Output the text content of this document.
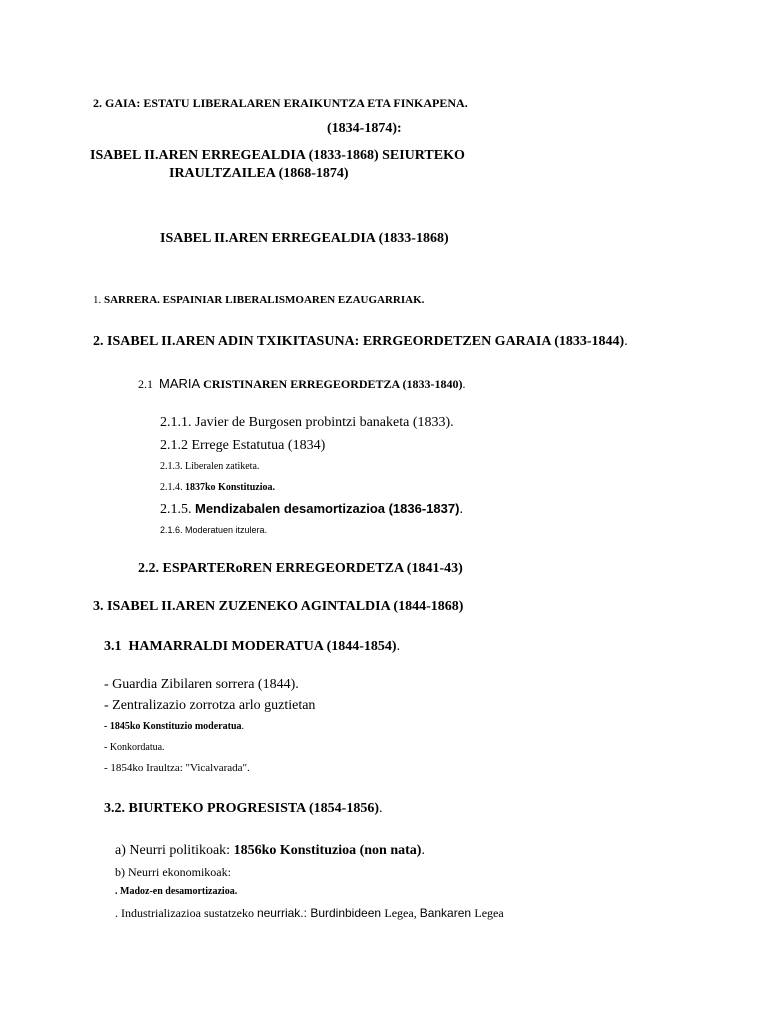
2. GAIA: ESTATU LIBERALAREN ERAIKUNTZA ETA FINKAPENA.
(1834-1874):
ISABEL II.AREN ERREGEALDIA (1833-1868) SEIURTEKO
IRAULTZAILEA (1868-1874)
ISABEL II.AREN ERREGEALDIA (1833-1868)
1. SARRERA. ESPAINIAR LIBERALISMOAREN EZAUGARRIAK.
2. ISABEL II.AREN ADIN TXIKITASUNA: ERRGEORDETZEN GARAIA (1833-1844).
2.1 MARIA CRISTINAREN ERREGEORDETZA (1833-1840).
2.1.1. Javier de Burgosen probintzi banaketa (1833).
2.1.2 Errege Estatutua (1834)
2.1.3. Liberalen zatiketa.
2.1.4. 1837ko Konstituzioa.
2.1.5. Mendizabalen desamortizazioa (1836-1837).
2.1.6. Moderatuen itzulera.
2.2. ESPARTERoREN ERREGEORDETZA (1841-43)
3. ISABEL II.AREN ZUZENEKO AGINTALDIA (1844-1868)
3.1 HAMARRALDI MODERATUA (1844-1854).
- Guardia Zibilaren sorrera (1844).
- Zentralizazio zorrotza arlo guztietan
- 1845ko Konstituzio moderatua.
- Konkordatua.
- 1854ko Iraultza: "Vicalvarada".
3.2. BIURTEKO PROGRESISTA (1854-1856).
a) Neurri politikoak: 1856ko Konstituzioa (non nata).
b) Neurri ekonomikoak:
. Madoz-en desamortizazioa.
. Industrializazioa sustatzeko neurriak.: Burdinbideen Legea, Bankaren Legea
